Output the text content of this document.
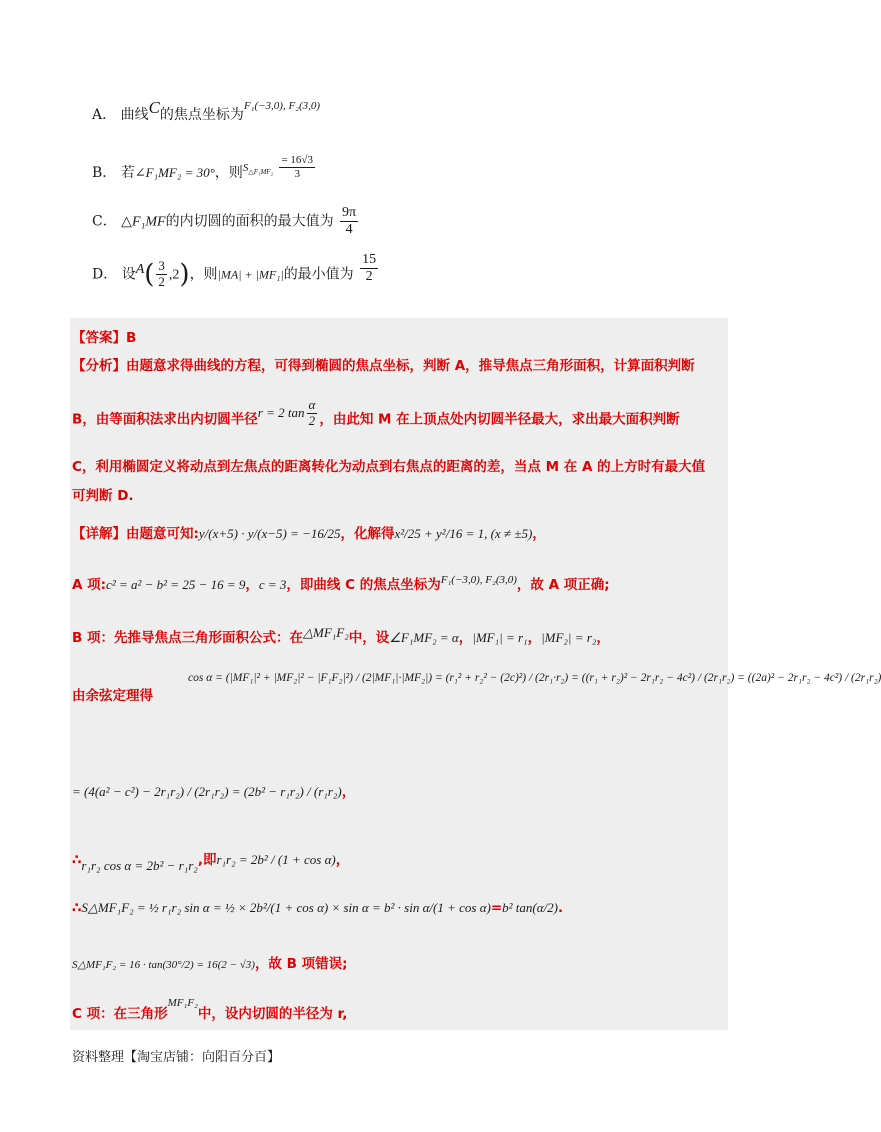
A． 曲线C的焦点坐标为$^{F_1(-3,0), F_2(3,0)}$
B． 若∠F₁MF₂ = 30°，则$^{S\triangle F_1MF_2} \frac{= 16√3}{3}$
C． △F₁MF的内切圆的面积的最大值为 $\frac{9\pi}{4}$
D． 设$A( \frac{3}{2} ,2)$，则|MA| + |MF₁|的最小值为 $\frac{15}{2}$
【答案】B
【分析】由题意求得曲线的方程，可得到椭圆的焦点坐标，判断 A，推导焦点三角形面积，计算面积判断
B，由等面积法求出内切圆半径r = 2 $\tan \frac{\alpha}{2}$ ，由此知 M 在上顶点处内切圆半径最大，求出最大面积判断
C，利用椭圆定义将动点到左焦点的距离转化为动点到右焦点的距离的差，当点 M 在 A 的上方时有最大值
可判断 D.
【详解】由题意可知:y/(x+5) · y/(x−5) = −16/25，化解得x²/25 + y²/16 = 1, (x ≠ ±5)，
A 项:c² = a² − b² = 25 − 16 = 9，c = 3，即曲线 C 的焦点坐标为$^{F_1(-3,0), F_2(3,0)}$，故 A 项正确;
B 项：先推导焦点三角形面积公式：在△MF₁F₂中，设∠F₁MF₂ = α，|MF₁| = r₁，|MF₂| = r₂，
由余弦定理得
cos α = (|MF₁|² + |MF₂|² − |F₁F₂|²) / (2|MF₁|·|MF₂|) = (r₁² + r₂² − (2c)²) / (2r₁·r₂) = ((r₁ + r₂)² − 2r₁r₂ − 4c²) / (2r₁r₂) = ((2a)² − 2r₁r₂ − 4c²) / (2r₁r₂)
= (4(a² − c²) − 2r₁r₂) / (2r₁r₂) = (2b² − r₁r₂) / (r₁r₂)，
∴r₁r₂ cos α = 2b² − r₁r₂,即r₁r₂ = 2b² / (1 + cos α)，
∴S△MF₁F₂ = ½ r₁r₂ sin α = ½ × 2b²/(1 + cos α) × sin α = b² · sin α/(1 + cos α)=b² tan(α/2).
S△MF₁F₂ = 16 · tan(30°/2) = 16(2 − √3)，故 B 项错误;
C 项：在三角形$^{MF_1F_2}$中，设内切圆的半径为 r,
资料整理【淘宝店铺：向阳百分百】
